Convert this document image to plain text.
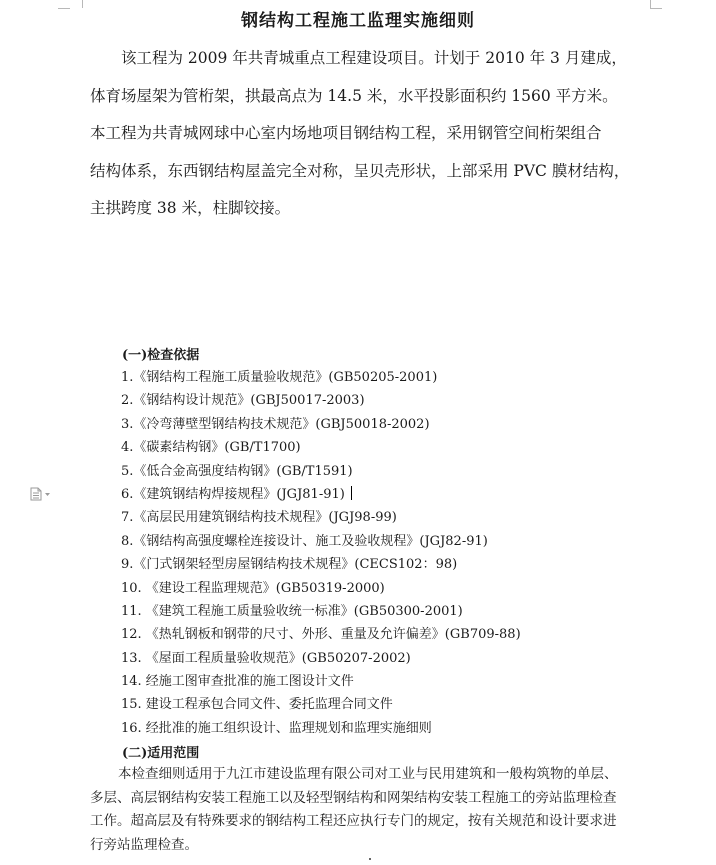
钢结构工程施工监理实施细则
该工程为 2009 年共青城重点工程建设项目。计划于 2010 年 3 月建成，
体育场屋架为管桁架，拱最高点为 14.5 米，水平投影面积约 1560 平方米。
本工程为共青城网球中心室内场地项目钢结构工程，采用钢管空间桁架组合
结构体系，东西钢结构屋盖完全对称，呈贝壳形状，上部采用 PVC 膜材结构，
主拱跨度 38 米，柱脚铰接。
(一)检查依据
1.《钢结构工程施工质量验收规范》(GB50205-2001)
2.《钢结构设计规范》(GBJ50017-2003)
3.《冷弯薄壁型钢结构技术规范》(GBJ50018-2002)
4.《碳素结构钢》(GB/T1700)
5.《低合金高强度结构钢》(GB/T1591)
6.《建筑钢结构焊接规程》(JGJ81-91)
7.《高层民用建筑钢结构技术规程》(JGJ98-99)
8.《钢结构高强度螺栓连接设计、施工及验收规程》(JGJ82-91)
9.《门式钢架轻型房屋钢结构技术规程》(CECS102：98)
10. 《建设工程监理规范》(GB50319-2000)
11. 《建筑工程施工质量验收统一标准》(GB50300-2001)
12. 《热轧钢板和钢带的尺寸、外形、重量及允许偏差》(GB709-88)
13. 《屋面工程质量验收规范》(GB50207-2002)
14. 经施工图审查批准的施工图设计文件
15. 建设工程承包合同文件、委托监理合同文件
16. 经批准的施工组织设计、监理规划和监理实施细则
(二)适用范围
本检查细则适用于九江市建设监理有限公司对工业与民用建筑和一般构筑物的单层、
多层、高层钢结构安装工程施工以及轻型钢结构和网架结构安装工程施工的旁站监理检查
工作。超高层及有特殊要求的钢结构工程还应执行专门的规定，按有关规范和设计要求进
行旁站监理检查。
